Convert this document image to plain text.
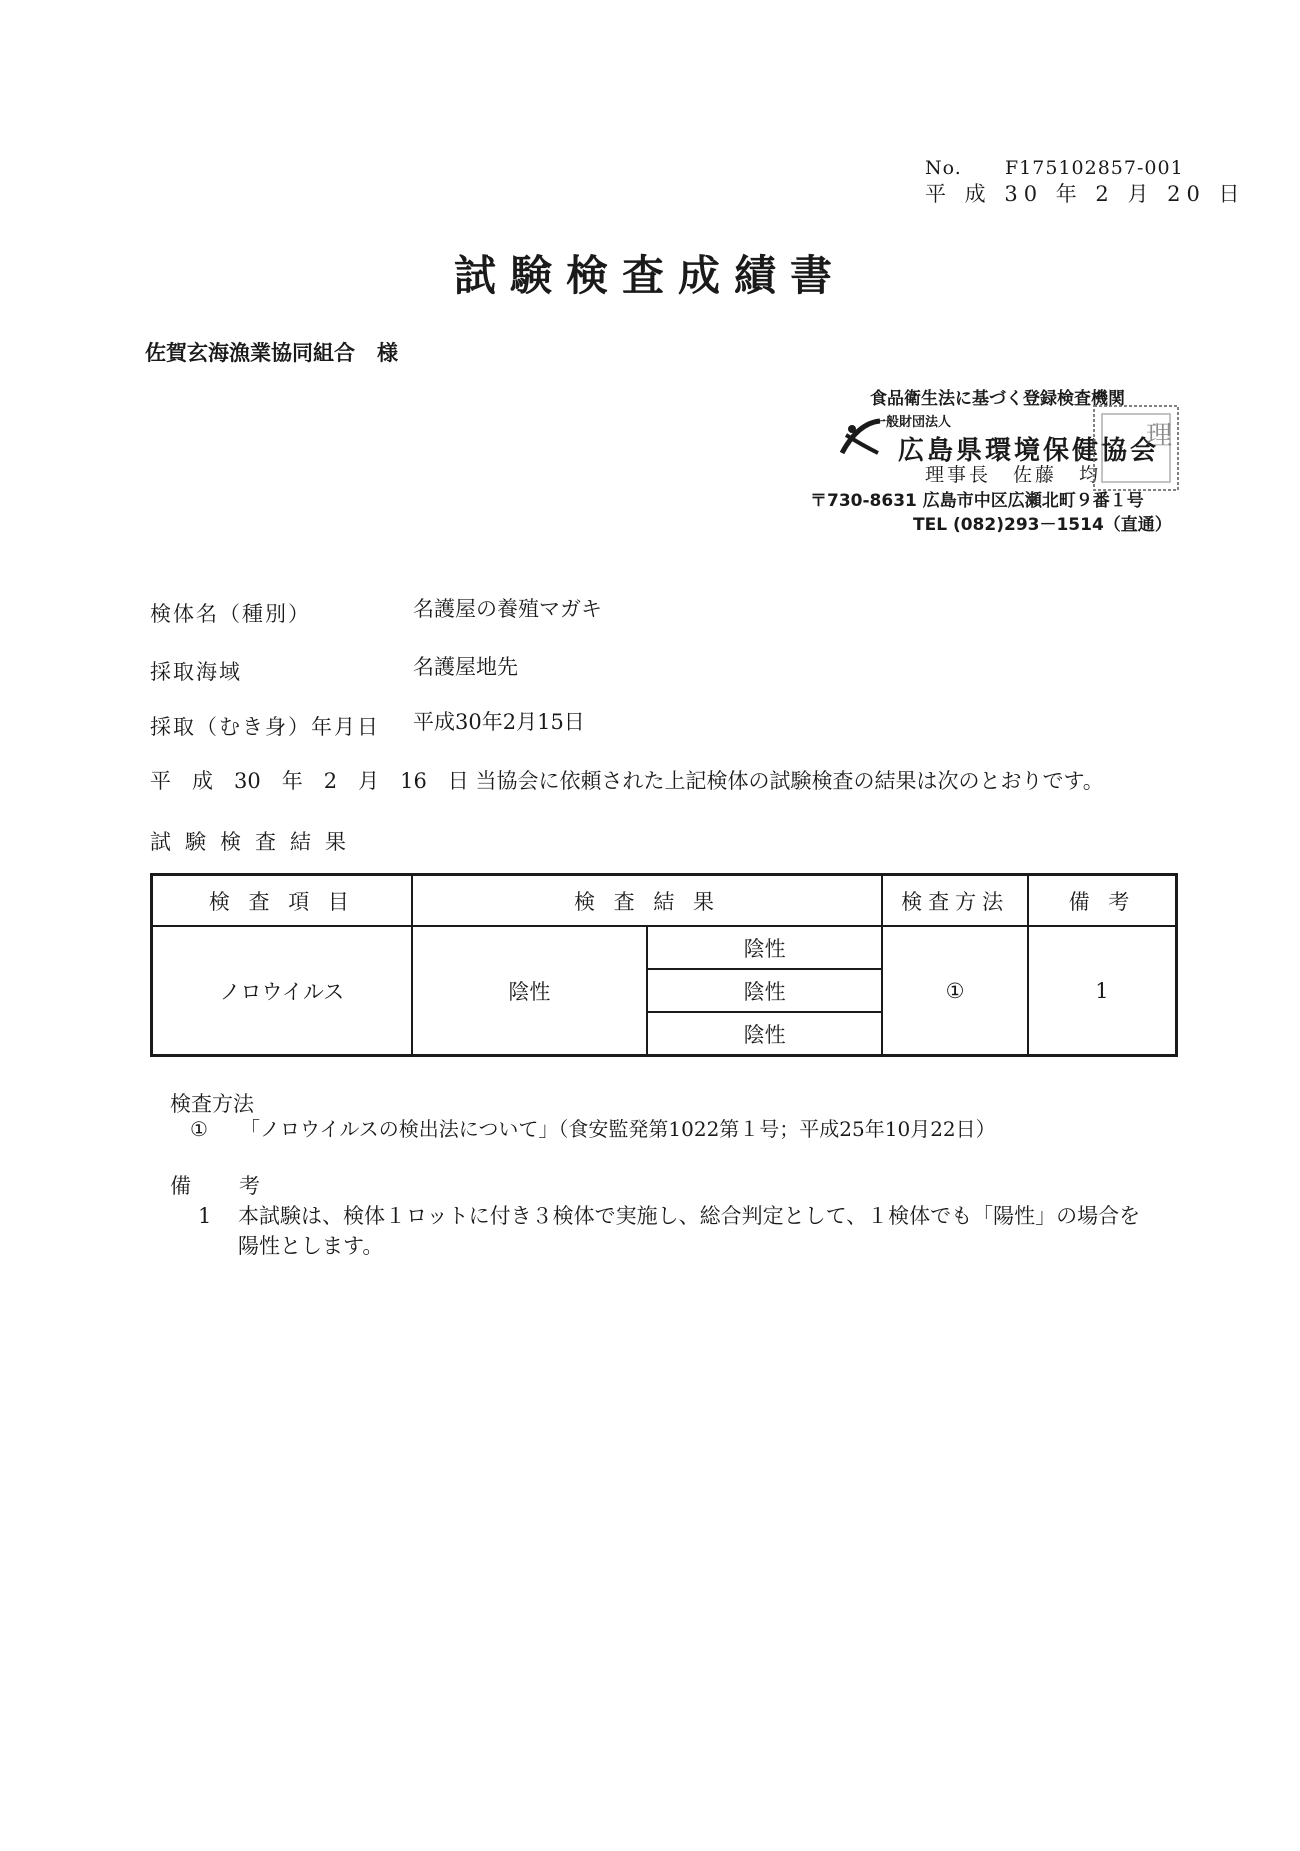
No. F175102857-001
平 成 30 年 2 月 20 日
試験検査成績書
佐賀玄海漁業協同組合 様
食品衛生法に基づく登録検査機関
一般財団法人
広島県環境保健協会
理事長　佐藤　均
〒730-8631 広島市中区広瀬北町９番１号
TEL (082)293－1514（直通）
理
検体名（種別）	名護屋の養殖マガキ
採取海域	名護屋地先
採取（むき身）年月日 平成30年2月15日
平　成　30　年　2　月　16　日 当協会に依頼された上記検体の試験検査の結果は次のとおりです。
試験検査結果
検 査 項 目	検 査 結 果		検査方法	備 考
ノロウイルス	陰性	陰性	①	1
		陰性		
		陰性		
検査方法
① 「ノロウイルスの検出法について」（食安監発第1022第１号；平成25年10月22日）
備 考
1 本試験は、検体１ロットに付き３検体で実施し、総合判定として、１検体でも「陽性」の場合を
陽性とします。
